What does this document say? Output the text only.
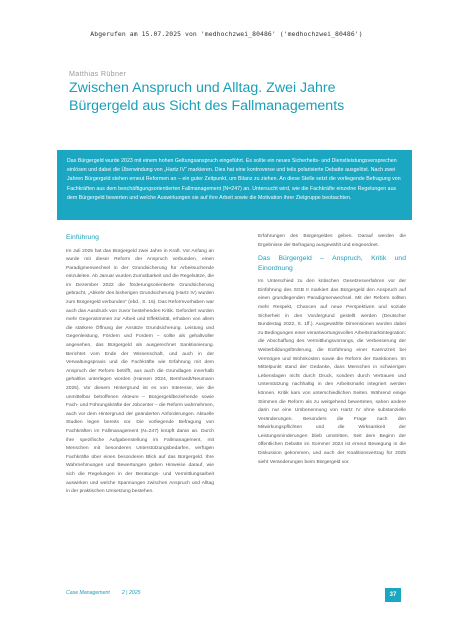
Abgerufen am 15.07.2025 von 'medhochzwei_80486' ('medhochzwei_80486')
Matthias Rübner
Zwischen Anspruch und Alltag. Zwei Jahre Bürgergeld aus Sicht des Fallmanagements

Das Bürgergeld wurde 2023 mit einem hohen Geltungsanspruch eingeführt. Es sollte ein neues Sicherheits- und Dienstleistungsversprechen einlösen und dabei die Überwindung von „Hartz IV“ markieren. Dies hat eine kontroverse und teils polarisierte Debatte ausgelöst. Nach zwei Jahren Bürgergeld stehen erneut Reformen an – ein guter Zeitpunkt, um Bilanz zu ziehen. An diese Stelle setzt die vorliegende Befragung von Fachkräften aus dem beschäftigungsorientierten Fallmanagement (N=247) an. Untersucht wird, wie die Fachkräfte einzelne Regelungen aus dem Bürgergeld bewerten und welche Auswirkungen sie auf ihre Arbeit sowie die Motivation ihrer Zielgruppe beobachten.

Einführung

Im Juli 2025 hat das Bürgergeld zwei Jahre in Kraft. Vor Anfang an wurde mit dieser Reform der Anspruch verbunden, einen Paradigmenwechsel in der Grundsicherung für Arbeitsuchende einzuleiten. Ab Januar wurden Zumutbarkeit und die Regelsätze, die im Dezember 2022 die förderungsorientierte Grundsicherung gebracht, „Abkehr des bisherigen Grundsicherung (Hartz IV) wurden zum Bürgergeld verbunden“ (ebd., S. 15). Das Reformvorhaben war auch das Ausdruck von zuvor bestehenden Kritik. Gefordert wurden mehr Gegenstimmen zur Arbeit und Effektivität, erhaben von allem die stärkere Öffnung der Ansätze Grundsicherung. Leistung und Gegenleistung, Fördern und Fordern – sollte als gehaltvoller angesehen, das Bürgergeld als ausgerechnet Sanktionierung. Berichtet vom Ende der Wissenschaft, und auch in der Verwaltungspraxis und die Fachkräfte wie Erfahrung mit dem Anspruch der Reform betrifft, aus auch die Grundlagen innerhalb gehaltlos unterlegen worden (Hansen 2024, Bernhardt/Neumann 2025). Vor diesem Hintergrund ist es von Interesse, wie die unmittelbar betroffenen Akteure – Bürgergeldbeziehende sowie Fach- und Führungskräfte der Jobcenter – die Reform wahrnehmen, auch vor dem Hintergrund der geänderten Anforderungen. Aktuelle Studien legen bereits vor. Die vorliegende Befragung von Fachkräften im Fallmanagement (N=247) knüpft daran an. Durch ihre spezifische Aufgabenstellung im Fallmanagement, mit Menschen mit besonderen Unterstützungsbedarfen, verfügen Fachkräfte über einen besonderen Blick auf das Bürgergeld. Ihre Wahrnehmungen und Bewertungen geben Hinweise darauf, wie sich die Regelungen in der Beratungs- und Vermittlungsarbeit auswirken und welche Spannungen zwischen Anspruch und Alltag in der praktischen Umsetzung bestehen.

Erfahrungen des Bürgergeldes geben. Darauf werden die Ergebnisse der Befragung ausgewählt und eingeordnet.

Das Bürgergeld – Anspruch, Kritik und Einordnung

Im Unterschied zu den kritischen Gesetzesverfahren vor der Einführung des SGB II markiert das Bürgergeld den Anspruch auf einen grundlegenden Paradigmenwechsel. Mit der Reform sollten mehr Respekt, Chancen auf neue Perspektiven und soziale Sicherheit in den Vordergrund gestellt werden (Deutscher Bundestag 2022, S. 1ff.). Ausgewählte Dimensionen wurden dabei zu Bedingungen einer verantwortungsvollen Arbeitsmarktintegration: die Abschaffung des Vermittlungsvorrangs, die Verbesserung der Weiterbildungsförderung, die Einführung einer Karenzzeit bei Vermögen und Wohnkosten sowie die Reform der Sanktionen. Im Mittelpunkt stand der Gedanke, dass Menschen in schwierigen Lebenslagen nicht durch Druck, sondern durch Vertrauen und Unterstützung nachhaltig in den Arbeitsmarkt integriert werden können. Kritik kam von unterschiedlichen Seiten. Während einige Stimmen die Reform als zu weitgehend bewerteten, sahen andere darin nur eine Umbenennung von Hartz IV ohne substanzielle Veränderungen. Besonders die Frage nach den Mitwirkungspflichten und die Wirksamkeit der Leistungsminderungen blieb umstritten. Seit dem Beginn der öffentlichen Debatte im Sommer 2024 ist erneut Bewegung in die Diskussion gekommen, und auch der Koalitionsvertrag für 2025 sieht Veränderungen beim Bürgergeld vor.

Case Management 2 | 2025	37
